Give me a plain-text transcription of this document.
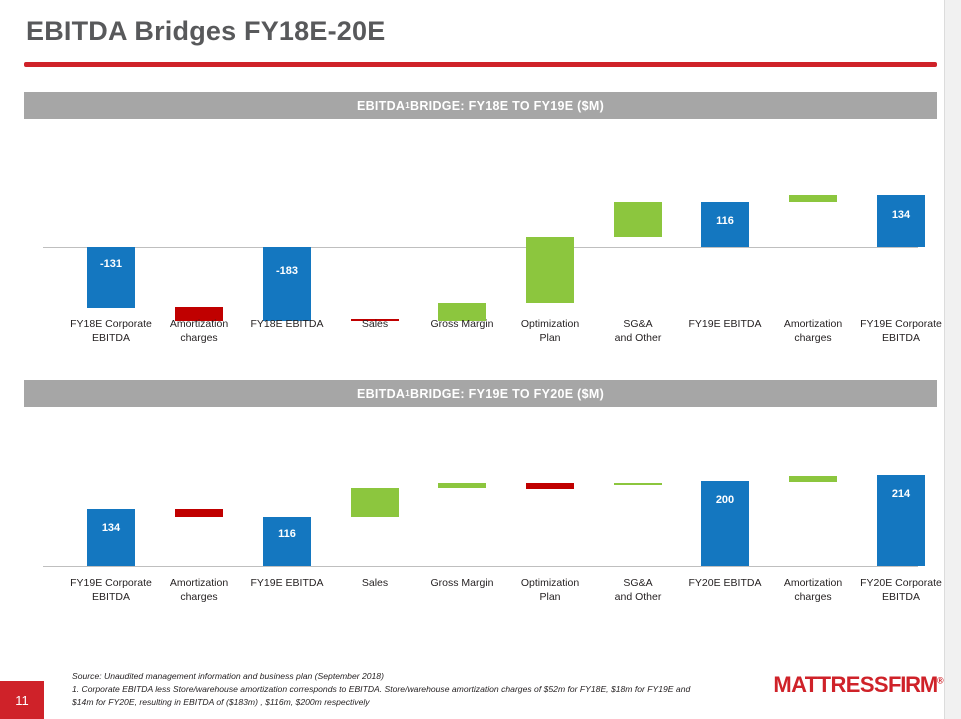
EBITDA Bridges FY18E-20E
EBITDA 1 BRIDGE: FY18E TO FY19E ($M)
-131
-183
116	134
FY18E Corporate
EBITDA
Amortization
charges
FY18E EBITDA	Sales	Gross Margin	Optimization
Plan
SG&A
and Other
FY19E EBITDA	Amortization
charges
FY19E Corporate
EBITDA
EBITDA 1 BRIDGE: FY19E TO FY20E ($M)
134	116
200	214
FY19E Corporate
EBITDA
Amortization
charges
FY19E EBITDA	Sales	Gross Margin	Optimization
Plan
SG&A
and Other
FY20E EBITDA	Amortization
charges
FY20E Corporate
EBITDA
Source: Unaudited management information and business plan (September 2018)
1. Corporate EBITDA less Store/warehouse amortization corresponds to EBITDA. Store/warehouse amortization charges of $52m for FY18E, $18m for FY19E and $14m for FY20E, resulting in EBITDA of ($183m) , $116m, $200m respectively
11
MATTRESSFIRM®
